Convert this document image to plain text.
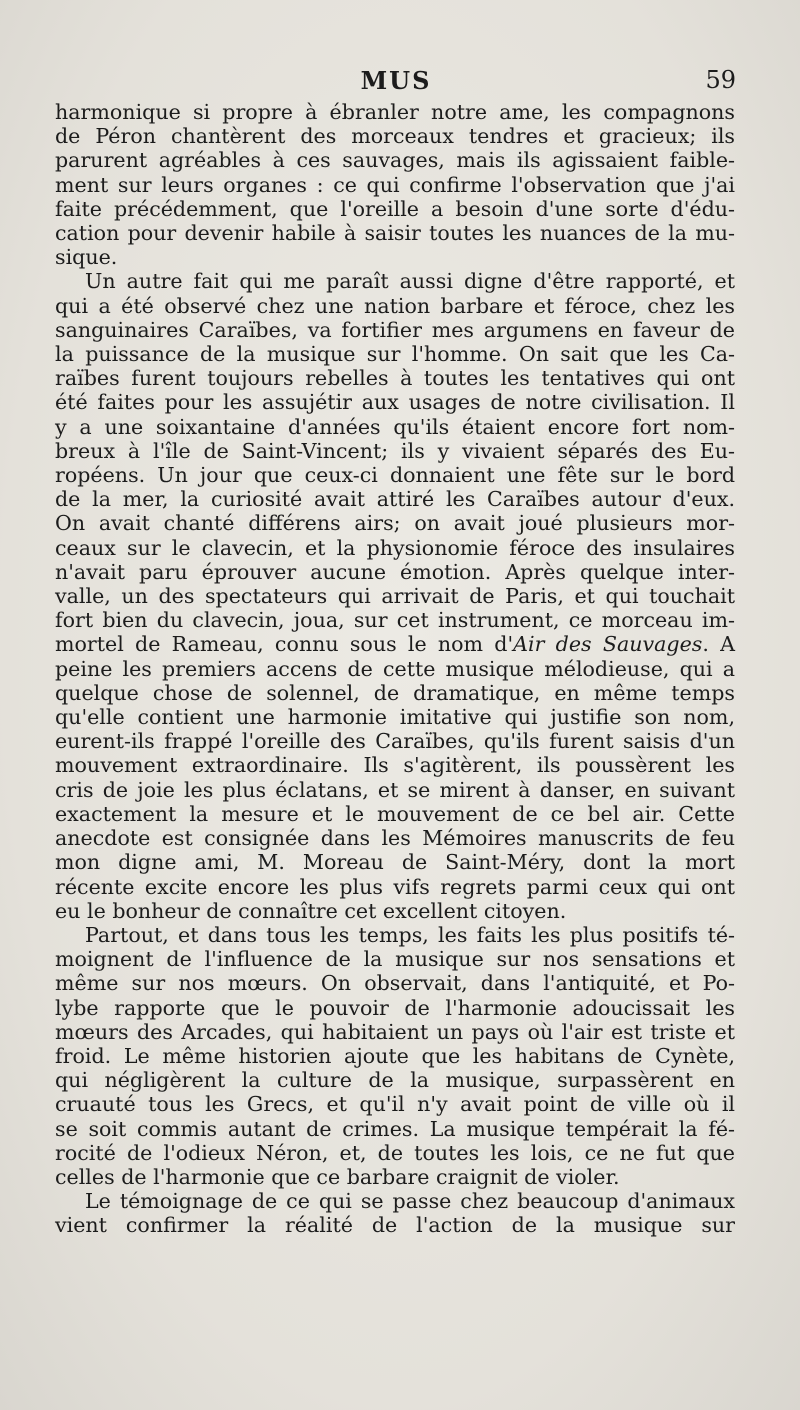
MUS	59
harmonique si propre à ébranler notre ame, les compagnons
de Péron chantèrent des morceaux tendres et gracieux; ils
parurent agréables à ces sauvages, mais ils agissaient faible-
ment sur leurs organes : ce qui confirme l'observation que j'ai
faite précédemment, que l'oreille a besoin d'une sorte d'édu-
cation pour devenir habile à saisir toutes les nuances de la mu-
sique.
Un autre fait qui me paraît aussi digne d'être rapporté, et
qui a été observé chez une nation barbare et féroce, chez les
sanguinaires Caraïbes, va fortifier mes argumens en faveur de
la puissance de la musique sur l'homme. On sait que les Ca-
raïbes furent toujours rebelles à toutes les tentatives qui ont
été faites pour les assujétir aux usages de notre civilisation. Il
y a une soixantaine d'années qu'ils étaient encore fort nom-
breux à l'île de Saint-Vincent; ils y vivaient séparés des Eu-
ropéens. Un jour que ceux-ci donnaient une fête sur le bord
de la mer, la curiosité avait attiré les Caraïbes autour d'eux.
On avait chanté différens airs; on avait joué plusieurs mor-
ceaux sur le clavecin, et la physionomie féroce des insulaires
n'avait paru éprouver aucune émotion. Après quelque inter-
valle, un des spectateurs qui arrivait de Paris, et qui touchait
fort bien du clavecin, joua, sur cet instrument, ce morceau im-
mortel de Rameau, connu sous le nom d'Air des Sauvages. A
peine les premiers accens de cette musique mélodieuse, qui a
quelque chose de solennel, de dramatique, en même temps
qu'elle contient une harmonie imitative qui justifie son nom,
eurent-ils frappé l'oreille des Caraïbes, qu'ils furent saisis d'un
mouvement extraordinaire. Ils s'agitèrent, ils poussèrent les
cris de joie les plus éclatans, et se mirent à danser, en suivant
exactement la mesure et le mouvement de ce bel air. Cette
anecdote est consignée dans les Mémoires manuscrits de feu
mon digne ami, M. Moreau de Saint-Méry, dont la mort
récente excite encore les plus vifs regrets parmi ceux qui ont
eu le bonheur de connaître cet excellent citoyen.
Partout, et dans tous les temps, les faits les plus positifs té-
moignent de l'influence de la musique sur nos sensations et
même sur nos mœurs. On observait, dans l'antiquité, et Po-
lybe rapporte que le pouvoir de l'harmonie adoucissait les
mœurs des Arcades, qui habitaient un pays où l'air est triste et
froid. Le même historien ajoute que les habitans de Cynète,
qui négligèrent la culture de la musique, surpassèrent en
cruauté tous les Grecs, et qu'il n'y avait point de ville où il
se soit commis autant de crimes. La musique tempérait la fé-
rocité de l'odieux Néron, et, de toutes les lois, ce ne fut que
celles de l'harmonie que ce barbare craignit de violer.
Le témoignage de ce qui se passe chez beaucoup d'animaux
vient confirmer la réalité de l'action de la musique sur
